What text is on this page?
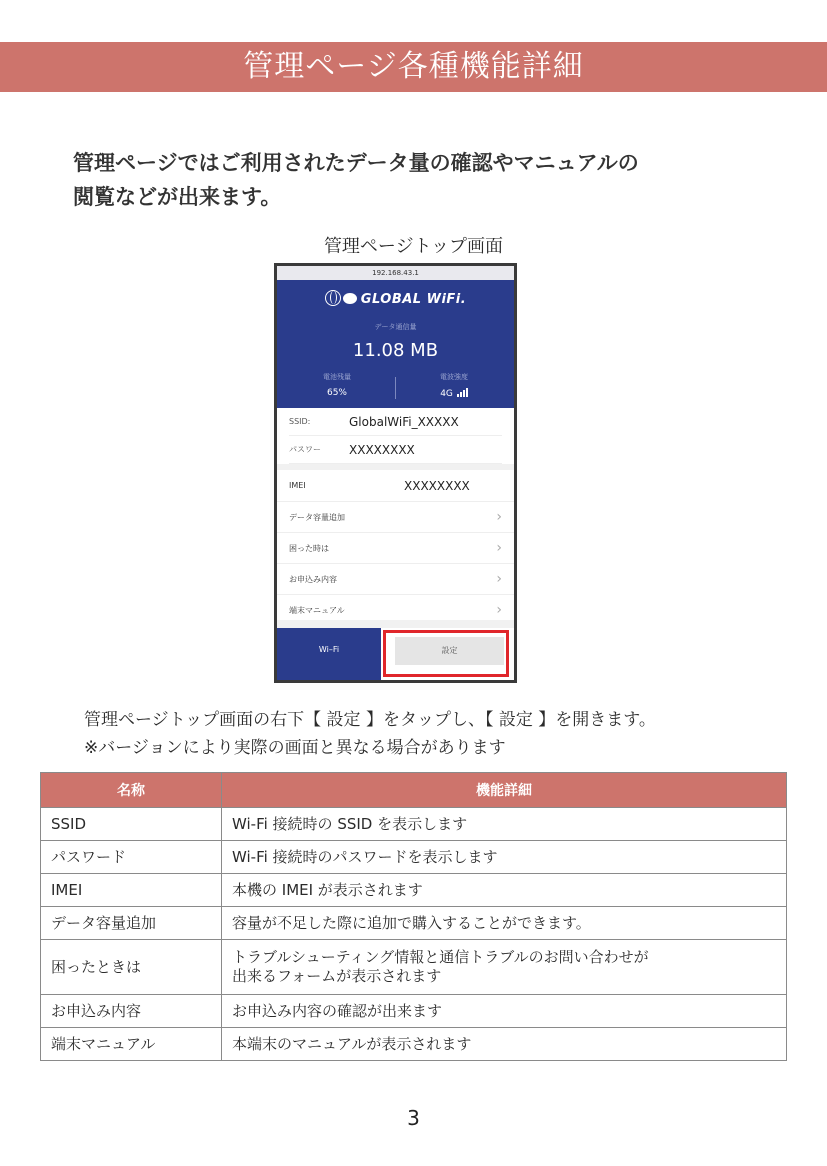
管理ページ各種機能詳細
管理ページではご利用されたデータ量の確認やマニュアルの
閲覧などが出来ます。
管理ページトップ画面
192.168.43.1
GLOBAL WiFi.
データ通信量
11.08 MB
電池残量
65%
電波強度
4G
SSID:	GlobalWiFi_XXXXX
パスワー	XXXXXXXX
IMEI	XXXXXXXX
データ容量追加	›
困った時は	›
お申込み内容	›
端末マニュアル	›
Wi–Fi	設定
管理ページトップ画面の右下【 設定 】をタップし、【 設定 】を開きます。
※バージョンにより実際の画面と異なる場合があります
名称	機能詳細
SSID	Wi-Fi 接続時の SSID を表示します
パスワード	Wi-Fi 接続時のパスワードを表示します
IMEI	本機の IMEI が表示されます
データ容量追加	容量が不足した際に追加で購入することができます。
困ったときは	トラブルシューティング情報と通信トラブルのお問い合わせが
出来るフォームが表示されます

お申込み内容	お申込み内容の確認が出来ます
端末マニュアル	本端末のマニュアルが表示されます
3
